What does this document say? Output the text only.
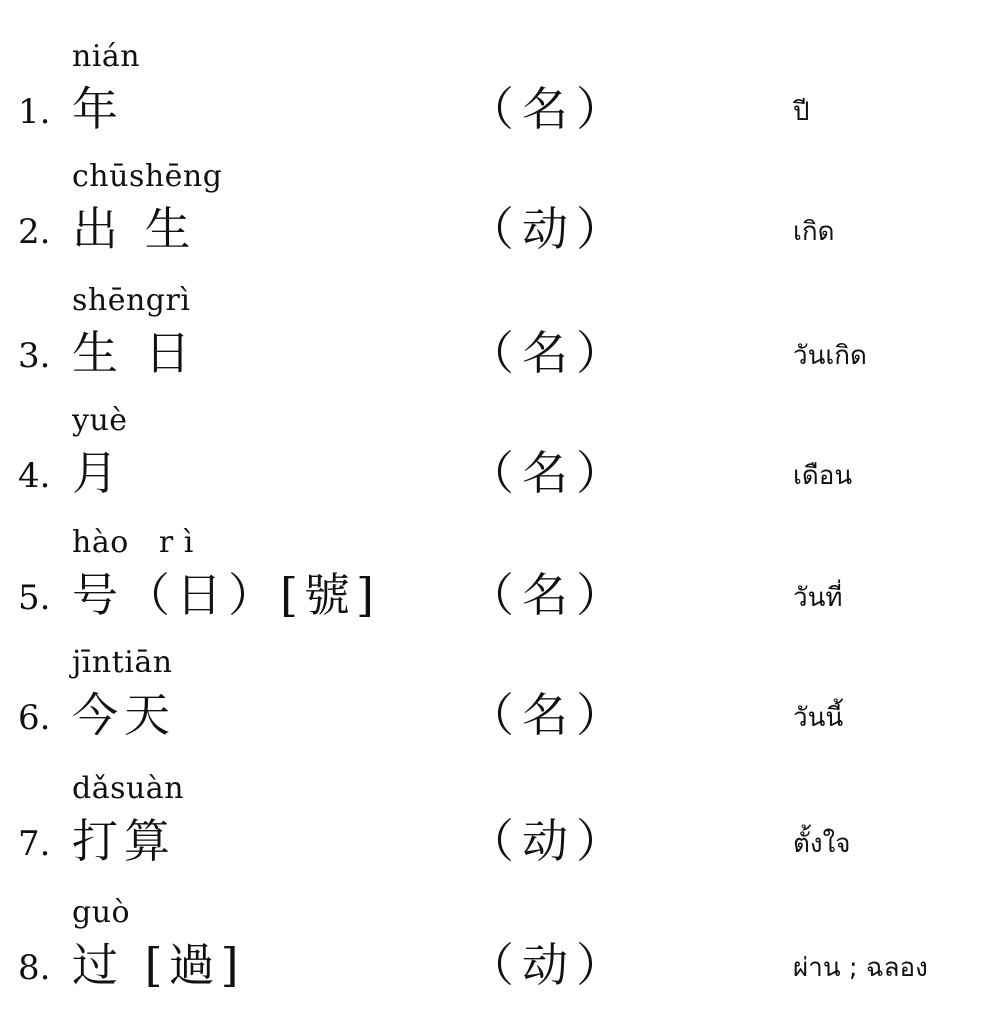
nián
1. 年	（名）	ปี
chūshēng
2. 出 生	（动）	เกิด
shēngrì
3. 生 日	（名）	วันเกิด
yuè
4. 月	（名）	เดือน
hào   r ì
5. 号（日）[號] （名）	วันที่
jīntiān
6. 今天	（名）	วันนี้
dǎsuàn
7. 打算	（动）	ตั้งใจ
guò
8. 过 [過]	（动）	ผ่าน ; ฉลอง
